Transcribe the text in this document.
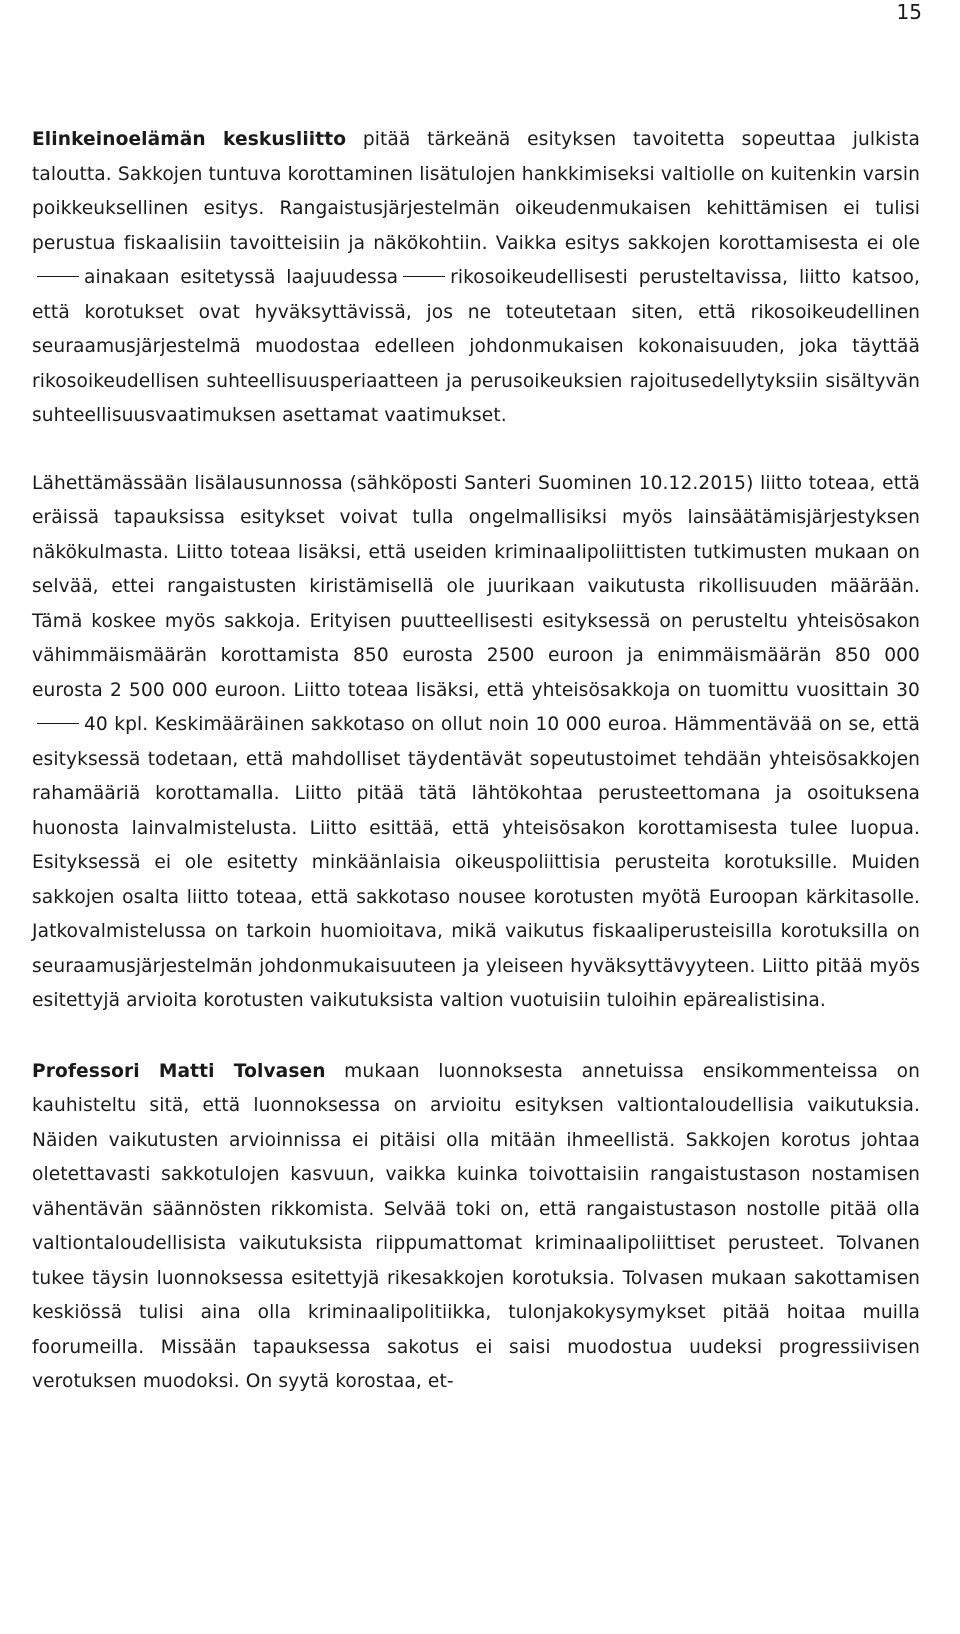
15

Elinkeinoelämän keskusliitto pitää tärkeänä esityksen tavoitetta sopeuttaa julkista taloutta. Sakkojen tuntuva korottaminen lisätulojen hankkimiseksi valtiolle on kuitenkin varsin poikkeuksellinen esitys. Rangaistusjärjestelmän oikeudenmukaisen kehittämisen ei tulisi perustua fiskaalisiin tavoitteisiin ja näkökohtiin. Vaikka esitys sakkojen korottamisesta ei oleainakaan esitetyssä laajuudessa	rikosoikeudellisesti perusteltavissa, liitto katsoo, että korotukset ovat hyväksyttävissä, jos ne toteutetaan siten, että rikosoikeudellinen seuraamusjärjestelmä muodostaa edelleen johdonmukaisen kokonaisuuden, joka täyttää rikosoikeudellisen suhteellisuusperiaatteen ja perusoikeuksien rajoitusedellytyksiin sisältyvän suhteellisuusvaatimuksen asettamat vaatimukset.

Lähettämässään lisälausunnossa (sähköposti Santeri Suominen 10.12.2015) liitto toteaa, että eräissä tapauksissa esitykset voivat tulla ongelmallisiksi myös lainsäätämisjärjestyksen näkökulmasta. Liitto toteaa lisäksi, että useiden kriminaalipoliittisten tutkimusten mukaan on selvää, ettei rangaistusten kiristämisellä ole juurikaan vaikutusta rikollisuuden määrään. Tämä koskee myös sakkoja. Erityisen puutteellisesti esityksessä on perusteltu yhteisösakon vähimmäismäärän korottamista 850 eurosta 2500 euroon ja enimmäismäärän 850 000 eurosta 2 500 000 euroon. Liitto toteaa lisäksi, että yhteisösakkoja on tuomittu vuosittain 3040 kpl. Keskimääräinen sakkotaso on ollut noin 10 000 euroa. Hämmentävää on se, että esityksessä todetaan, että mahdolliset täydentävät sopeutustoimet tehdään yhteisösakkojen rahamääriä korottamalla. Liitto pitää tätä lähtökohtaa perusteettomana ja osoituksena huonosta lainvalmistelusta. Liitto esittää, että yhteisösakon korottamisesta tulee luopua. Esityksessä ei ole esitetty minkäänlaisia oikeuspoliittisia perusteita korotuksille. Muiden sakkojen osalta liitto toteaa, että sakkotaso nousee korotusten myötä Euroopan kärkitasolle. Jatkovalmistelussa on tarkoin huomioitava, mikä vaikutus fiskaaliperusteisilla korotuksilla on seuraamusjärjestelmän johdonmukaisuuteen ja yleiseen hyväksyttävyyteen. Liitto pitää myös esitettyjä arvioita korotusten vaikutuksista valtion vuotuisiin tuloihin epärealistisina.

Professori Matti Tolvasen mukaan luonnoksesta annetuissa ensikommenteissa on kauhisteltu sitä, että luonnoksessa on arvioitu esityksen valtiontaloudellisia vaikutuksia. Näiden vaikutusten arvioinnissa ei pitäisi olla mitään ihmeellistä. Sakkojen korotus johtaa oletettavasti sakkotulojen kasvuun, vaikka kuinka toivottaisiin rangaistustason nostamisen vähentävän säännösten rikkomista. Selvää toki on, että rangaistustason nostolle pitää olla valtiontaloudellisista vaikutuksista riippumattomat kriminaalipoliittiset perusteet. Tolvanen tukee täysin luonnoksessa esitettyjä rikesakkojen korotuksia. Tolvasen mukaan sakottamisen keskiössä tulisi aina olla kriminaalipolitiikka, tulonjakokysymykset pitää hoitaa muilla foorumeilla. Missään tapauksessa sakotus ei saisi muodostua uudeksi progressiivisen verotuksen muodoksi. On syytä korostaa, et-
